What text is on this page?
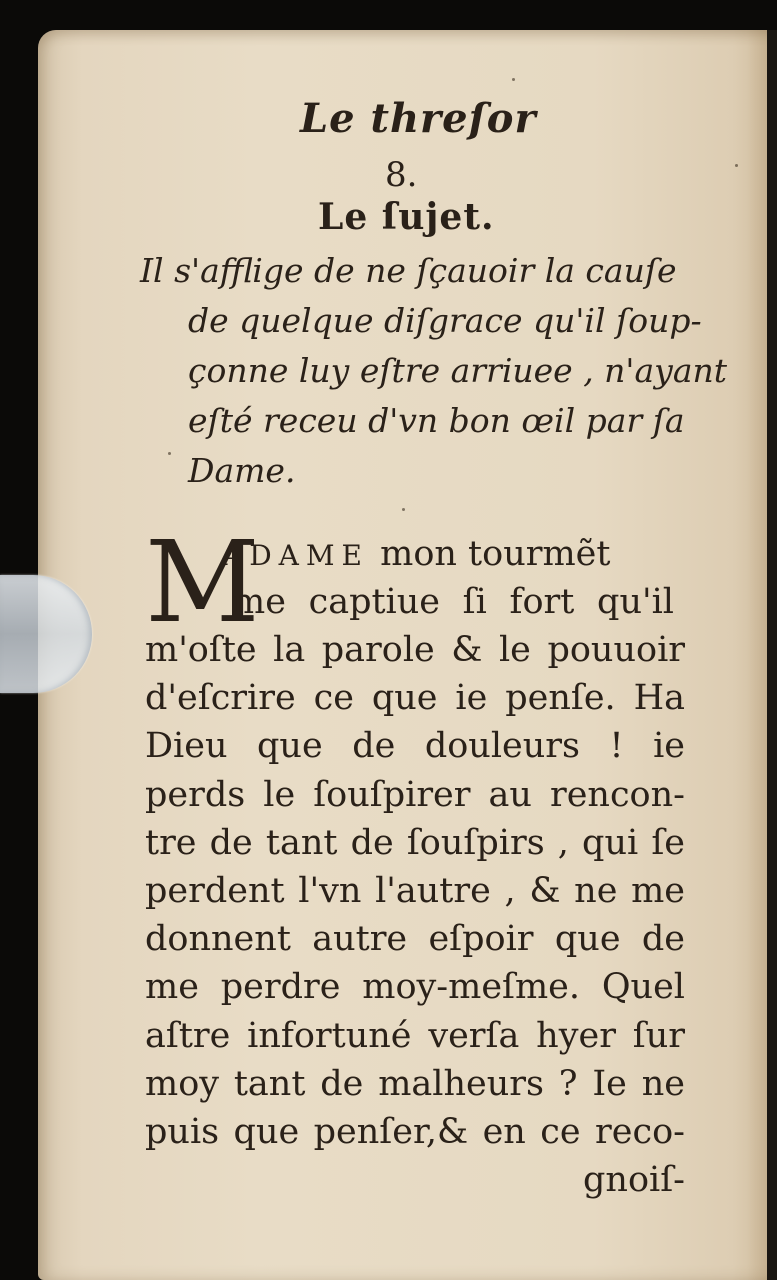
Le threſor
8.
Le ſujet.
Il s'afflige de ne ſçauoir la cauſe
de quelque diſgrace qu'il ſoup-
çonne luy eſtre arriuee , n'ayant
eſté receu d'vn bon œil par ſa
Dame.
M
ADAME mon tourmẽt
me captiue ſi fort qu'il
m'oſte la parole & le pouuoir
d'eſcrire ce que ie penſe. Ha
Dieu que de douleurs ! ie
perds le ſouſpirer au rencon-
tre de tant de ſouſpirs , qui ſe
perdent l'vn l'autre , & ne me
donnent autre eſpoir que de
me perdre moy-meſme. Quel
aſtre infortuné verſa hyer ſur
moy tant de malheurs ? Ie ne
puis que penſer,& en ce reco-
gnoiſ-
